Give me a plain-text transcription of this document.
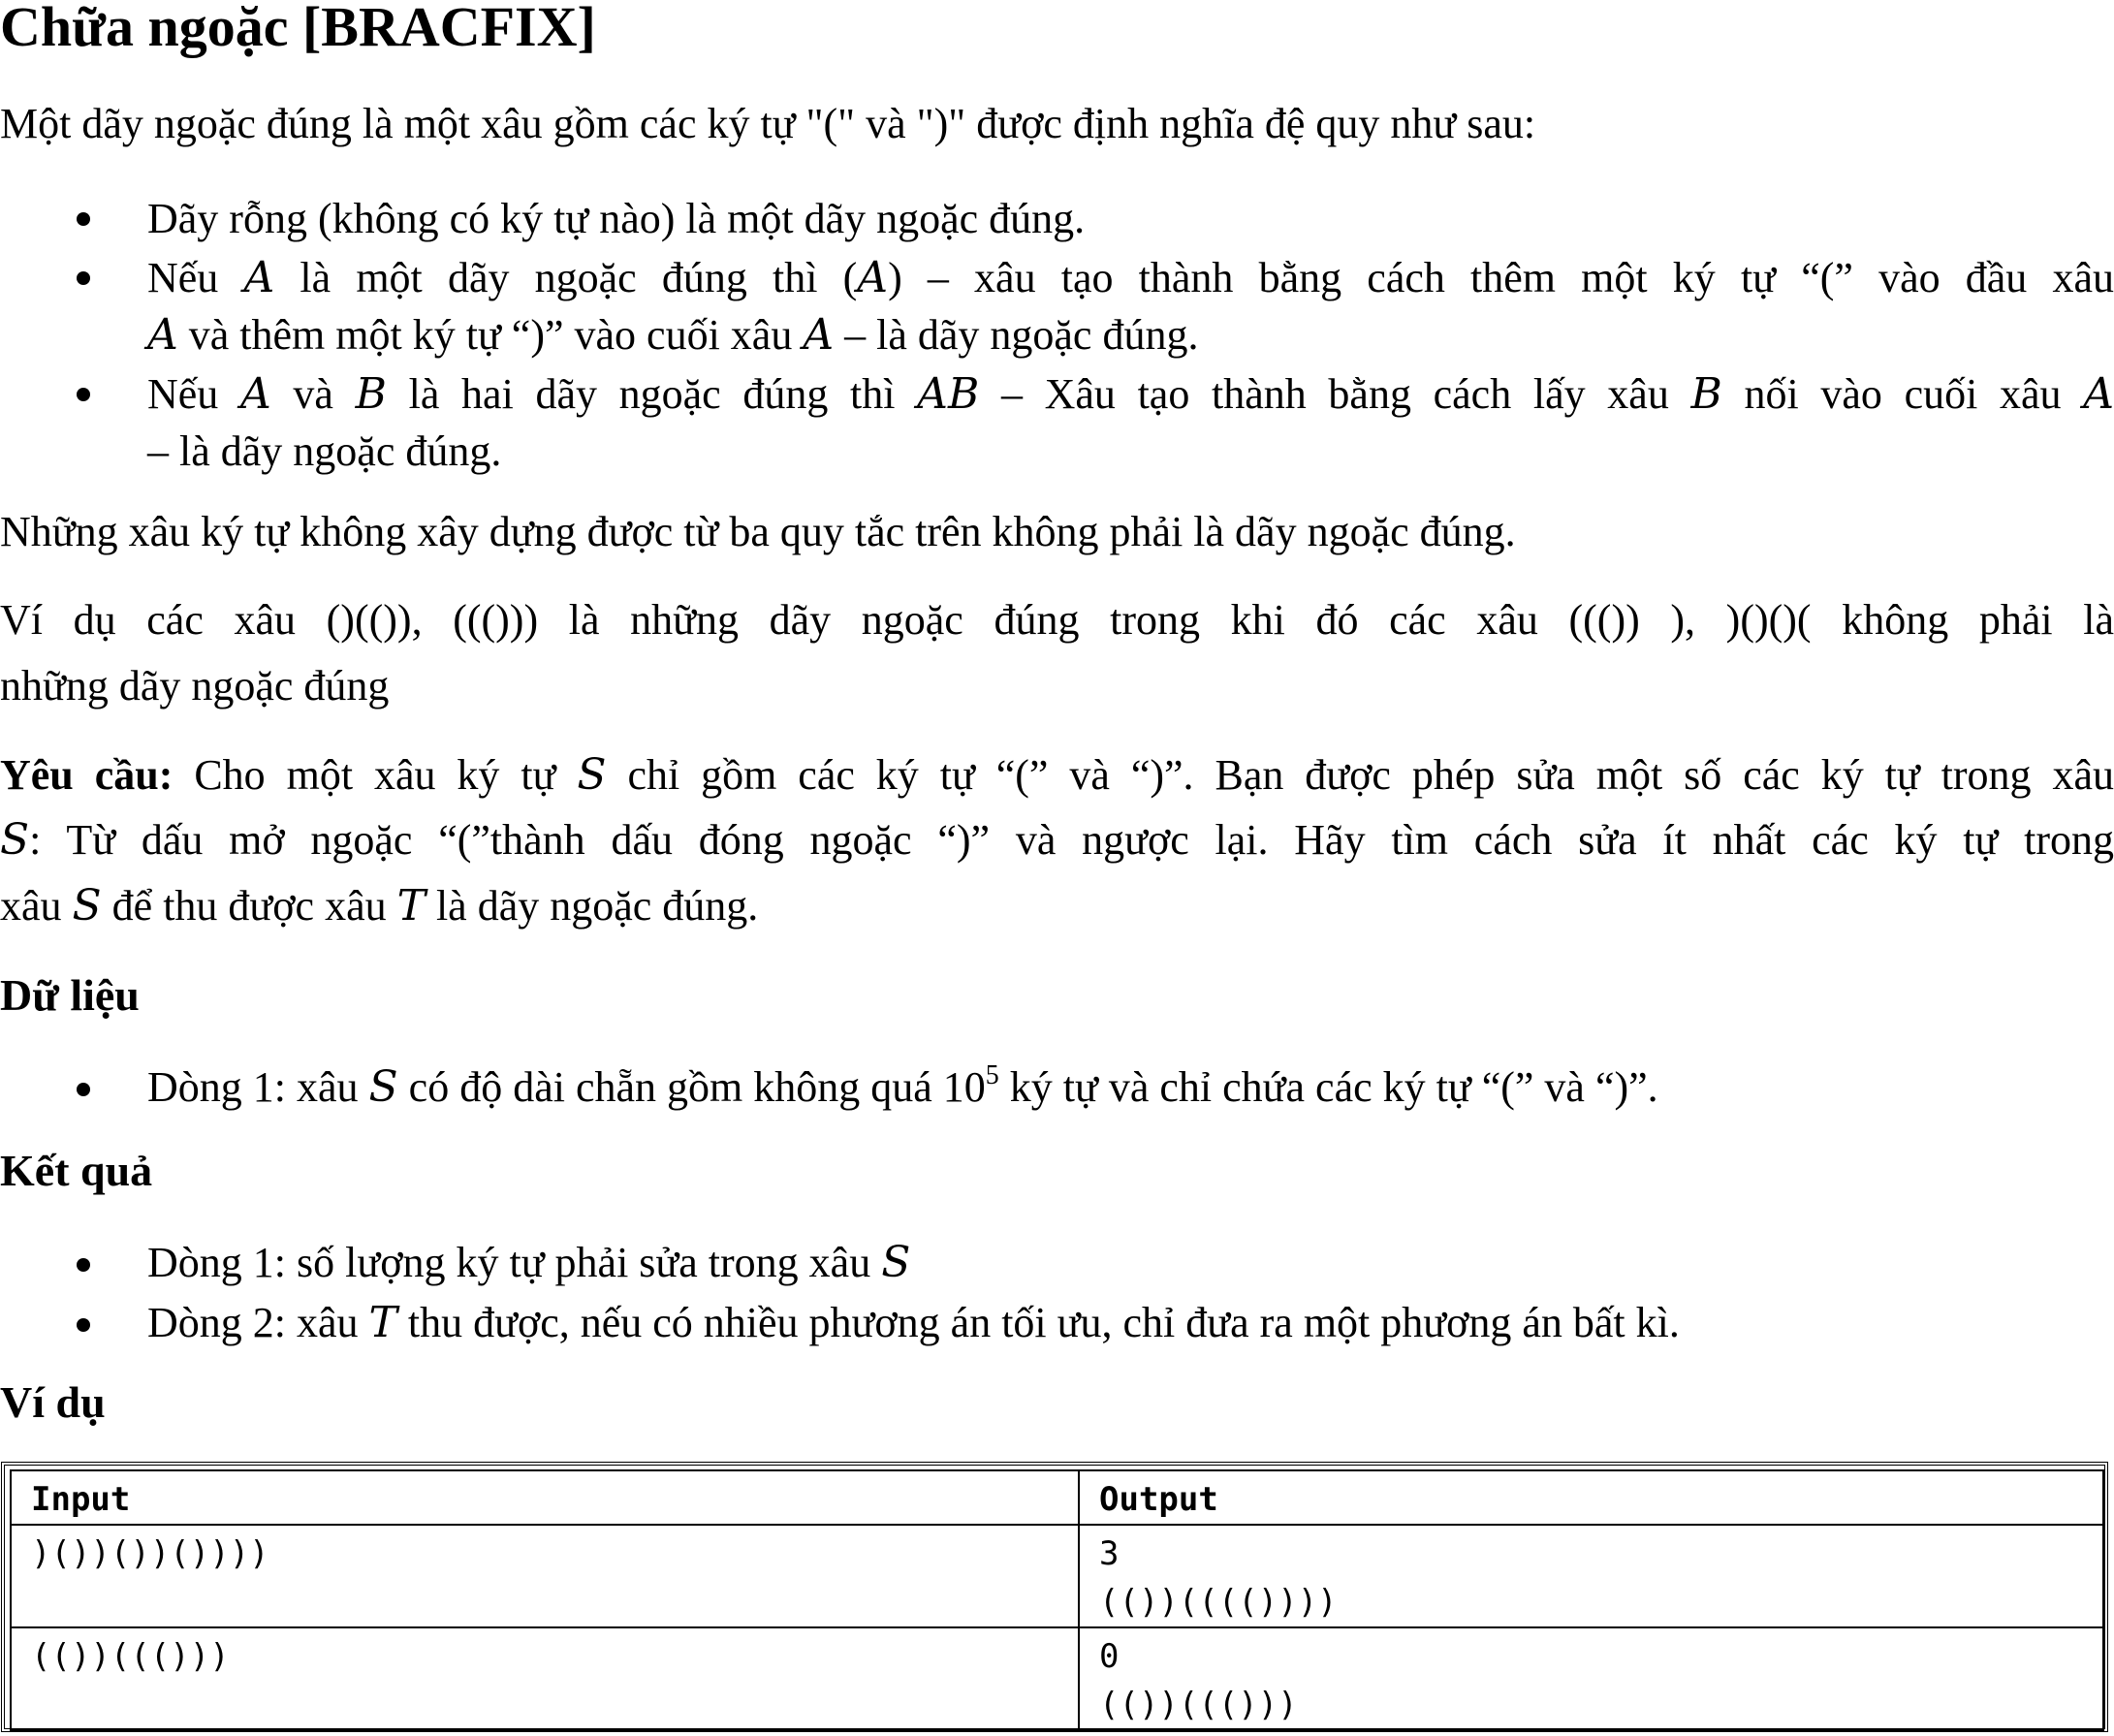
Chữa ngoặc [BRACFIX]
Một dãy ngoặc đúng là một xâu gồm các ký tự "(" và ")" được định nghĩa đệ quy như sau:
Dãy rỗng (không có ký tự nào) là một dãy ngoặc đúng.
Nếu 𝐴 là một dãy ngoặc đúng thì (𝐴) – xâu tạo thành bằng cách thêm một ký tự “(” vào đầu xâu
𝐴 và thêm một ký tự “)” vào cuối xâu 𝐴 – là dãy ngoặc đúng.
Nếu 𝐴 và 𝐵 là hai dãy ngoặc đúng thì 𝐴𝐵 – Xâu tạo thành bằng cách lấy xâu 𝐵 nối vào cuối xâu 𝐴
– là dãy ngoặc đúng.
Những xâu ký tự không xây dựng được từ ba quy tắc trên không phải là dãy ngoặc đúng.
Ví dụ các xâu ()(()), ((())) là những dãy ngoặc đúng trong khi đó các xâu ((()) ), )()()( không phải là
những dãy ngoặc đúng
Yêu cầu: Cho một xâu ký tự 𝑆 chỉ gồm các ký tự “(” và “)”. Bạn được phép sửa một số các ký tự trong xâu
𝑆: Từ dấu mở ngoặc “(”thành dấu đóng ngoặc “)” và ngược lại. Hãy tìm cách sửa ít nhất các ký tự trong
xâu 𝑆 để thu được xâu 𝑇 là dãy ngoặc đúng.
Dữ liệu
Dòng 1: xâu 𝑆 có độ dài chẵn gồm không quá $10^5$ ký tự và chỉ chứa các ký tự “(” và “)”.
Kết quả
Dòng 1: số lượng ký tự phải sửa trong xâu 𝑆
Dòng 2: xâu 𝑇 thu được, nếu có nhiều phương án tối ưu, chỉ đưa ra một phương án bất kì.
Ví dụ
Input	Output
)())())())))	3
(())(((())))

(())((()))	0
(())((()))
